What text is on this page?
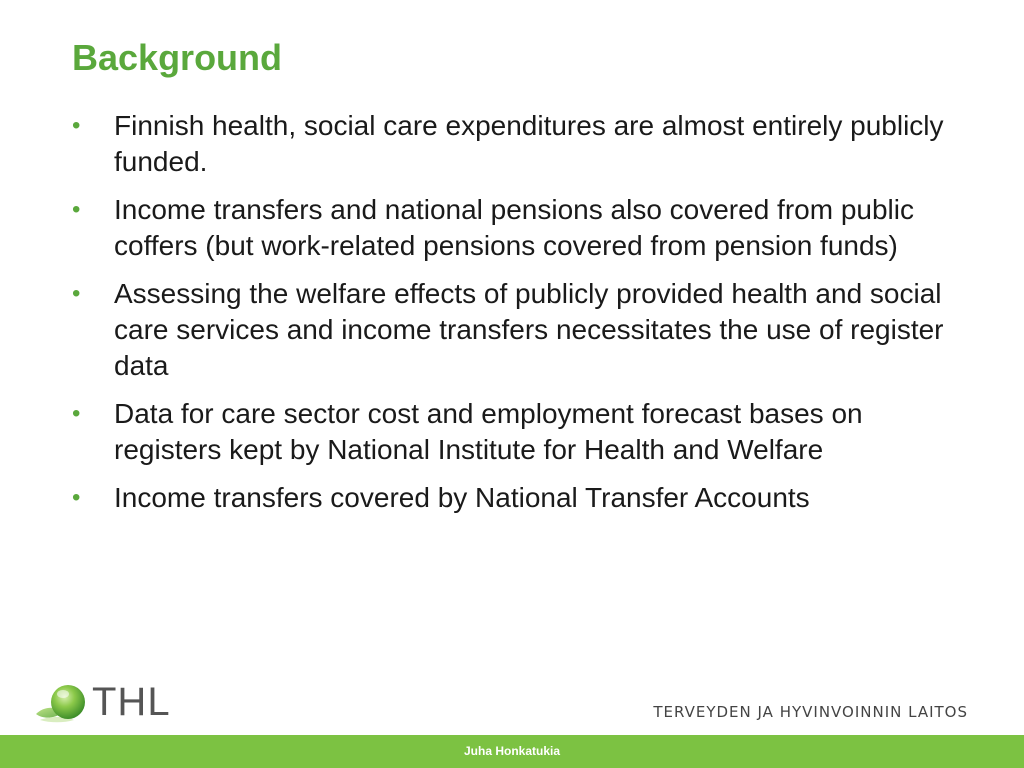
Background
• Finnish health, social care expenditures are almost entirely publicly funded.
• Income transfers and national pensions also covered from public coffers (but work-related pensions covered from pension funds)
• Assessing the welfare effects of publicly provided health and social care services and income transfers necessitates the use of register data
• Data for care sector cost and employment forecast bases on registers kept by National Institute for Health and Welfare
• Income transfers covered by National Transfer Accounts
THL	TERVEYDEN JA HYVINVOINNIN LAITOS
Juha Honkatukia
